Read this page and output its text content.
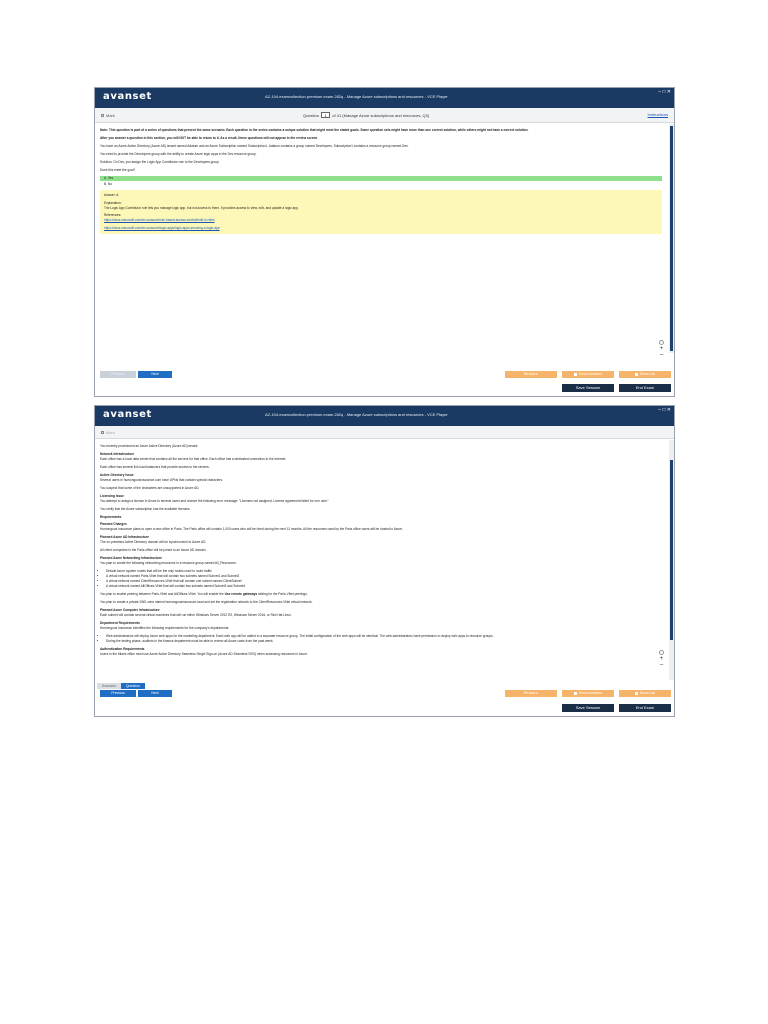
avanset	AZ-104.examcollection.premium.exam.282q - Manage Azure subscriptions and resources - VCE Player
– □ ✕
Mark	Question 1 of 41 (Manage Azure subscriptions and resources, Q3)	Instructions

Note: This question is part of a series of questions that present the same scenario. Each question in the series contains a unique solution that might meet the stated goals. Some question sets might have more than one correct solution, while others might not have a correct solution.

After you answer a question in this section, you will NOT be able to return to it. As a result, these questions will not appear in the review screen.

You have an Azure Active Directory (Azure AD) tenant named Adatum and an Azure Subscription named Subscription1. Adatum contains a group named Developers. Subscription1 contains a resource group named Dev.

You need to provide the Developers group with the ability to create Azure logic apps in the Dev resource group.

Solution: On Dev, you assign the Logic App Contributor role to the Developers group.

Does this meet the goal?

A. Yes
B. No

Answer: A

Explanation:

The Logic App Contributor role lets you manage logic app, but not access to them. It provides access to view, edit, and update a logic app.

References:
https://docs.microsoft.com/en-us/azure/role-based-access-control/built-in-roles
https://docs.microsoft.com/en-us/azure/logic-apps/logic-apps-securing-a-logic-app
+
–
Previous	Next	Review ▸	Show Answers	Show List
Save Session	End Exam
avanset	AZ-104.examcollection.premium.exam.282q - Manage Azure subscriptions and resources - VCE Player
– □ ✕
Mark

You recently provisioned an Azure Active Directory (Azure AD) tenant.

Network Infrastructure

Each office has a local data center that contains all the servers for that office. Each office has a dedicated connection to the Internet.

Each office has several link load balancers that provide access to the servers.

Active Directory Issue

Several users in humongousinsurance.com have UPNs that contain special characters.

You suspect that some of the characters are unsupported in Azure AD.

Licensing Issue

You attempt to assign a license in Azure to several users and receive the following error message: "Licenses not assigned. License agreement failed for one user."

You verify that the Azure subscription has the available licenses.

Requirements

Planned Changes

Humongous Insurance plans to open a new office in Paris. The Paris office will contain 1,000 users who will be hired during the next 12 months. All the resources used by the Paris office users will be hosted in Azure.

Planned Azure AD Infrastructure

The on-premises Active Directory domain will be synchronized to Azure AD.

All client computers in the Paris office will be joined to an Azure AD domain.

Planned Azure Networking Infrastructure

You plan to create the following networking resources in a resource group named All_Resources:

• Default Azure system routes that will be the only routes used to route traffic
• A virtual network named Paris-VNet that will contain two subnets named Subnet1 and Subnet2
• A virtual network named ClientResources-VNet that will contain one subnet named ClientSubnet
• A virtual network named AllOffices-VNet that will contain two subnets named Subnet3 and Subnet4

You plan to enable peering between Paris-VNet and AllOffices-VNet. You will enable the Use remote gateways setting for the Paris-VNet peerings.

You plan to create a private DNS zone named humongousinsurance.local and set the registration network to the ClientResources-VNet virtual network.

Planned Azure Computer Infrastructure

Each subnet will contain several virtual machines that will run either Windows Server 2012 R2, Windows Server 2016, or Red Hat Linux.

Department Requirements

Humongous Insurance identifies the following requirements for the company's departments:

• Web administrators will deploy Azure web apps for the marketing department. Each web app will be added to a separate resource group. The initial configuration of the web apps will be identical. The web administrators have permission to deploy web apps to resource groups.
• During the testing phase, auditors in the finance department must be able to review all Azure costs from the past week.
Authentication Requirements

Users in the Miami office must use Azure Active Directory Seamless Single Sign-on (Azure AD Seamless SSO) when accessing resources in Azure.

+
–
Scenario	Question
Previous	Next	Review ▸	Show Answers	Show List
Save Session	End Exam
